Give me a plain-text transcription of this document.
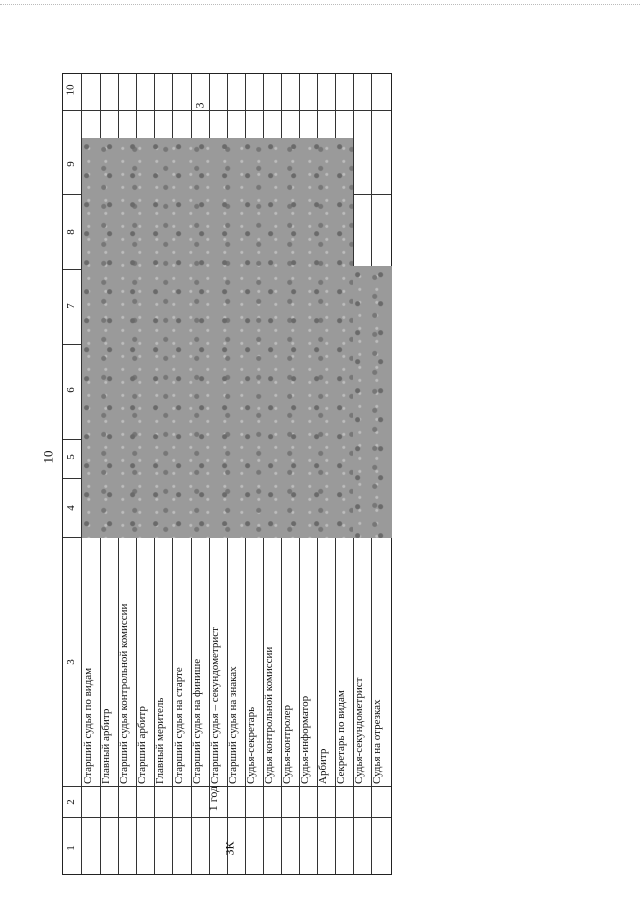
10
10
9
8
7
6
5
4
3
2
1
3
Старший судья по видам Главный арбитр Старший судья контрольной комиссии Старший арбитр Главный меритель Старший судья на старте Старший судья на финише Старший судья – секундометрист Старший судья на знаках Судья-секретарь Судья контрольной комиссии Судья-контролер Судья-информатор Арбитр Секретарь по видам Судья-секундометрист Судья на отрезках
1 год
ЗК
